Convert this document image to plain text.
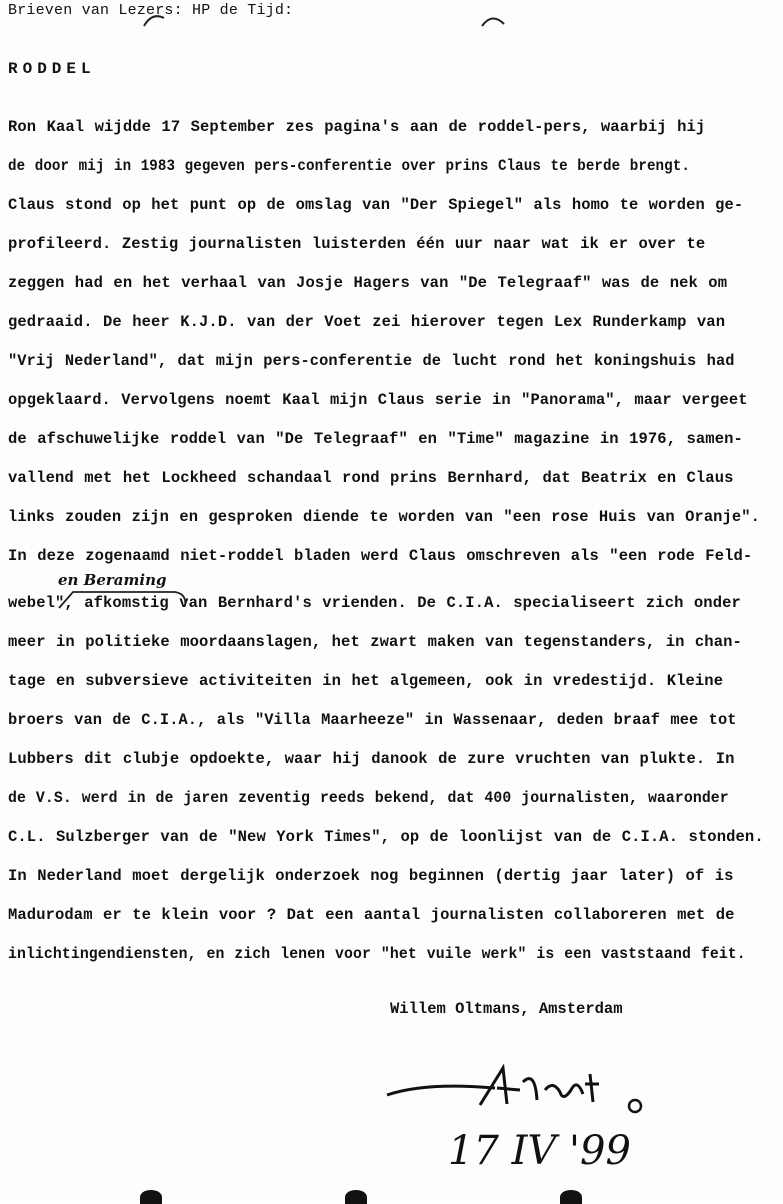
Brieven van Lezers: HP de Tijd:
RODDEL
Ron Kaal wijdde 17 September zes pagina's aan de roddel-pers, waarbij hij
de door mij in 1983 gegeven pers-conferentie over prins Claus te berde brengt.
Claus stond op het punt op de omslag van "Der Spiegel" als homo te worden ge-
profileerd. Zestig journalisten luisterden één uur naar wat ik er over te
zeggen had en het verhaal van Josje Hagers van "De Telegraaf" was de nek om
gedraaid. De heer K.J.D. van der Voet zei hierover tegen Lex Runderkamp van
"Vrij Nederland", dat mijn pers-conferentie de lucht rond het koningshuis had
opgeklaard. Vervolgens noemt Kaal mijn Claus serie in "Panorama", maar vergeet
de afschuwelijke roddel van "De Telegraaf" en "Time" magazine in 1976, samen-
vallend met het Lockheed schandaal rond prins Bernhard, dat Beatrix en Claus
links zouden zijn en gesproken diende te worden van "een rose Huis van Oranje".
In deze zogenaamd niet-roddel bladen werd Claus omschreven als "een rode Feld-
webel", afkomstig van Bernhard's vrienden. De C.I.A. specialiseert zich onder
meer in politieke moordaanslagen, het zwart maken van tegenstanders, in chan-
tage en subversieve activiteiten in het algemeen, ook in vredestijd. Kleine
broers van de C.I.A., als "Villa Maarheeze" in Wassenaar, deden braaf mee tot
Lubbers dit clubje opdoekte, waar hij danook de zure vruchten van plukte. In
de V.S. werd in de jaren zeventig reeds bekend, dat 400 journalisten, waaronder
C.L. Sulzberger van de "New York Times", op de loonlijst van de C.I.A. stonden.
In Nederland moet dergelijk onderzoek nog beginnen (dertig jaar later) of is
Madurodam er te klein voor ? Dat een aantal journalisten collaboreren met de
inlichtingendiensten, en zich lenen voor "het vuile werk" is een vaststaand feit.
en Beraming
Willem Oltmans, Amsterdam
17 IV '99
